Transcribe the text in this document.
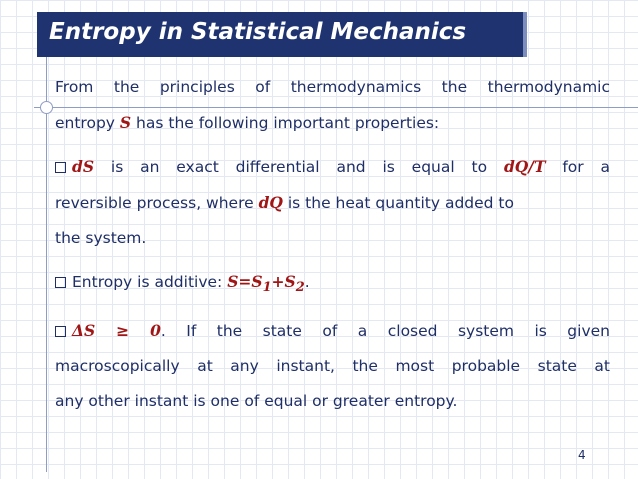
Entropy in Statistical Mechanics

From the principles of thermodynamics the thermodynamic

entropy S has the following important properties:

dS is an exact differential and is equal to dQ/T for a

reversible process, where dQ is the heat quantity added to

the system.

Entropy is additive: $S=S_1+S_2$.

ΔS ≥ 0. If the state of a closed system is given

macroscopically at any instant, the most probable state at

any other instant is one of equal or greater entropy.

4
